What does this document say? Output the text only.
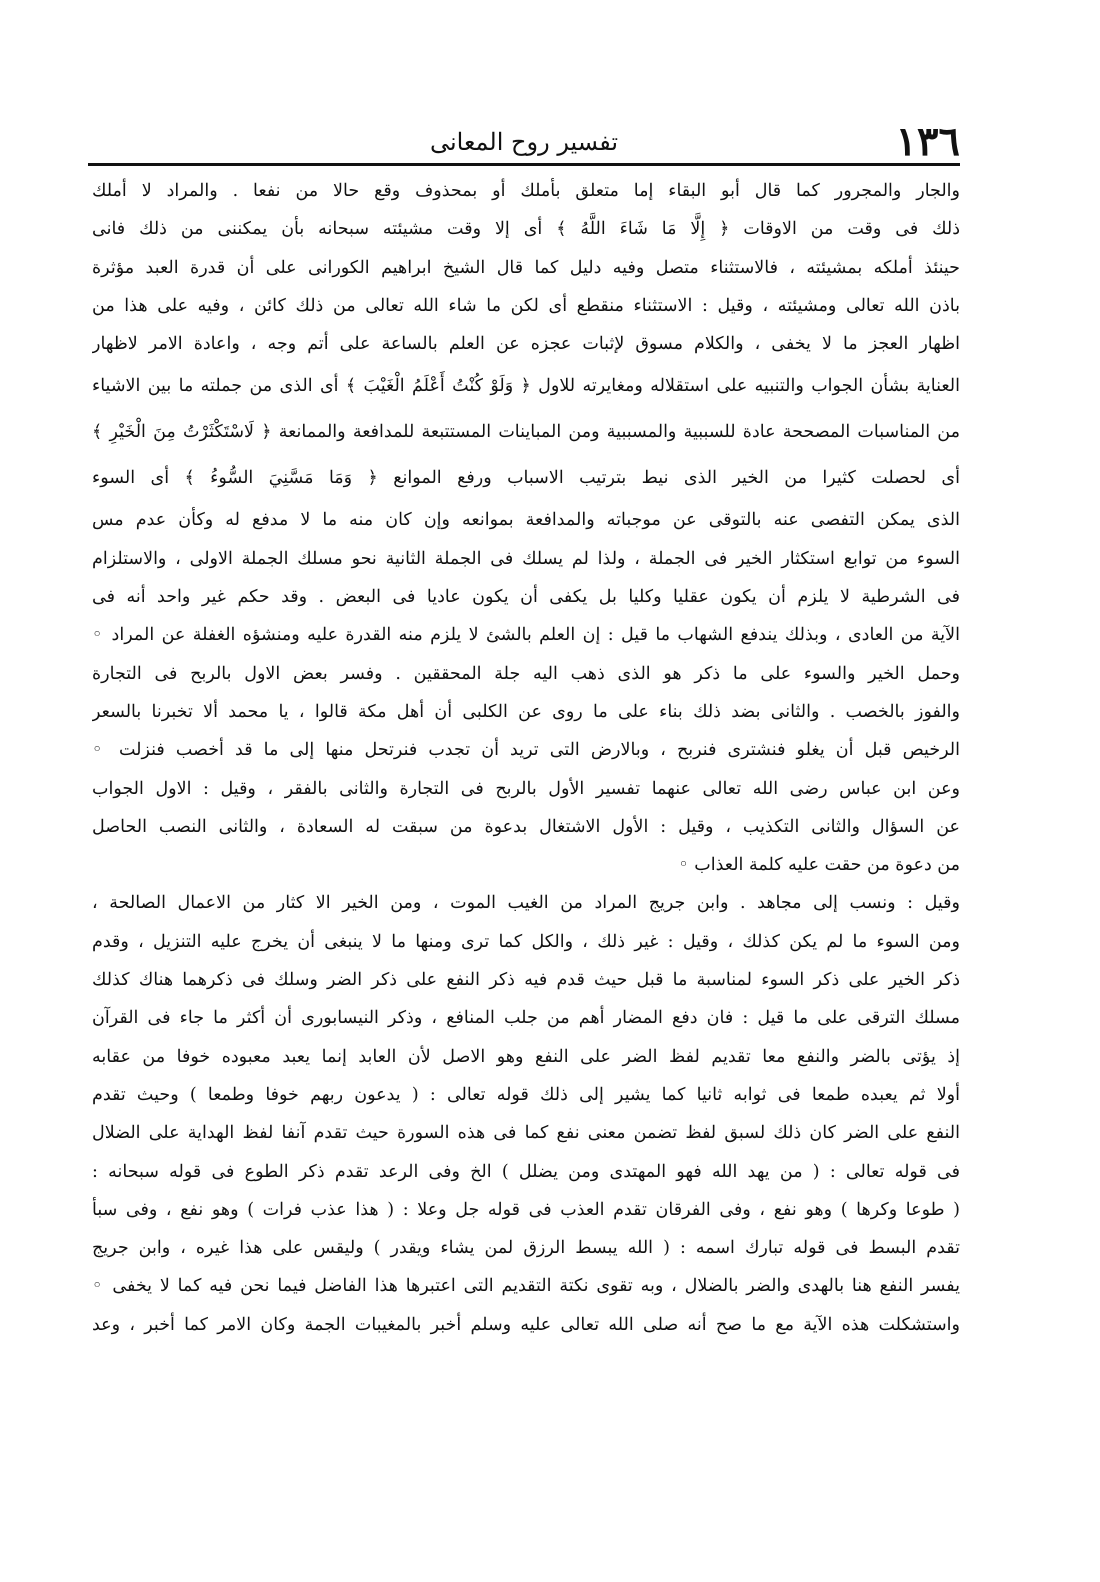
١٣٦
تفسير روح المعانى
والجار والمجرور كما قال أبو البقاء إما متعلق بأملك أو بمحذوف وقع حالا من نفعا . والمراد لا أملك
ذلك فى وقت من الاوقات ﴿ إِلَّا مَا شَاءَ اللَّهُ ﴾ أى إلا وقت مشيئته سبحانه بأن يمكننى من ذلك فانى
حينئذ أملكه بمشيئته ، فالاستثناء متصل وفيه دليل كما قال الشيخ ابراهيم الكورانى على أن قدرة العبد مؤثرة
باذن الله تعالى ومشيئته ، وقيل : الاستثناء منقطع أى لكن ما شاء الله تعالى من ذلك كائن ، وفيه على هذا من
اظهار العجز ما لا يخفى ، والكلام مسوق لإثبات عجزه عن العلم بالساعة على أتم وجه ، واعادة الامر لاظهار
العناية بشأن الجواب والتنبيه على استقلاله ومغايرته للاول ﴿ وَلَوْ كُنْتُ أَعْلَمُ الْغَيْبَ ﴾ أى الذى من جملته ما بين الاشياء
من المناسبات المصححة عادة للسببية والمسببية ومن المباينات المستتبعة للمدافعة والممانعة ﴿ لَاسْتَكْثَرْتُ مِنَ الْخَيْرِ ﴾
أى لحصلت كثيرا من الخير الذى نيط بترتيب الاسباب ورفع الموانع ﴿ وَمَا مَسَّنِيَ السُّوءُ ﴾ أى السوء
الذى يمكن التفصى عنه بالتوقى عن موجباته والمدافعة بموانعه وإن كان منه ما لا مدفع له وكأن عدم مس
السوء من توابع استكثار الخير فى الجملة ، ولذا لم يسلك فى الجملة الثانية نحو مسلك الجملة الاولى ، والاستلزام
فى الشرطية لا يلزم أن يكون عقليا وكليا بل يكفى أن يكون عاديا فى البعض . وقد حكم غير واحد أنه فى
الآية من العادى ، وبذلك يندفع الشهاب ما قيل : إن العلم بالشئ لا يلزم منه القدرة عليه ومنشؤه الغفلة عن المراد ◦
وحمل الخير والسوء على ما ذكر هو الذى ذهب اليه جلة المحققين . وفسر بعض الاول بالربح فى التجارة
والفوز بالخصب . والثانى بضد ذلك بناء على ما روى عن الكلبى أن أهل مكة قالوا ، يا محمد ألا تخبرنا بالسعر
الرخيص قبل أن يغلو فنشترى فنربح ، وبالارض التى تريد أن تجدب فنرتحل منها إلى ما قد أخصب فنزلت ◦
وعن ابن عباس رضى الله تعالى عنهما تفسير الأول بالربح فى التجارة والثانى بالفقر ، وقيل : الاول الجواب
عن السؤال والثانى التكذيب ، وقيل : الأول الاشتغال بدعوة من سبقت له السعادة ، والثانى النصب الحاصل
من دعوة من حقت عليه كلمة العذاب ◦
وقيل : ونسب إلى مجاهد . وابن جريج المراد من الغيب الموت ، ومن الخير الا كثار من الاعمال الصالحة ،
ومن السوء ما لم يكن كذلك ، وقيل : غير ذلك ، والكل كما ترى ومنها ما لا ينبغى أن يخرج عليه التنزيل ، وقدم
ذكر الخير على ذكر السوء لمناسبة ما قبل حيث قدم فيه ذكر النفع على ذكر الضر وسلك فى ذكرهما هناك كذلك
مسلك الترقى على ما قيل : فان دفع المضار أهم من جلب المنافع ، وذكر النيسابورى أن أكثر ما جاء فى القرآن
إذ يؤتى بالضر والنفع معا تقديم لفظ الضر على النفع وهو الاصل لأن العابد إنما يعبد معبوده خوفا من عقابه
أولا ثم يعبده طمعا فى ثوابه ثانيا كما يشير إلى ذلك قوله تعالى : ( يدعون ربهم خوفا وطمعا ) وحيث تقدم
النفع على الضر كان ذلك لسبق لفظ تضمن معنى نفع كما فى هذه السورة حيث تقدم آنفا لفظ الهداية على الضلال
فى قوله تعالى : ( من يهد الله فهو المهتدى ومن يضلل ) الخ وفى الرعد تقدم ذكر الطوع فى قوله سبحانه :
( طوعا وكرها ) وهو نفع ، وفى الفرقان تقدم العذب فى قوله جل وعلا : ( هذا عذب فرات ) وهو نفع ، وفى سبأ
تقدم البسط فى قوله تبارك اسمه : ( الله يبسط الرزق لمن يشاء ويقدر ) وليقس على هذا غيره ، وابن جريج
يفسر النفع هنا بالهدى والضر بالضلال ، وبه تقوى نكتة التقديم التى اعتبرها هذا الفاضل فيما نحن فيه كما لا يخفى ◦
واستشكلت هذه الآية مع ما صح أنه صلى الله تعالى عليه وسلم أخبر بالمغيبات الجمة وكان الامر كما أخبر ، وعد
